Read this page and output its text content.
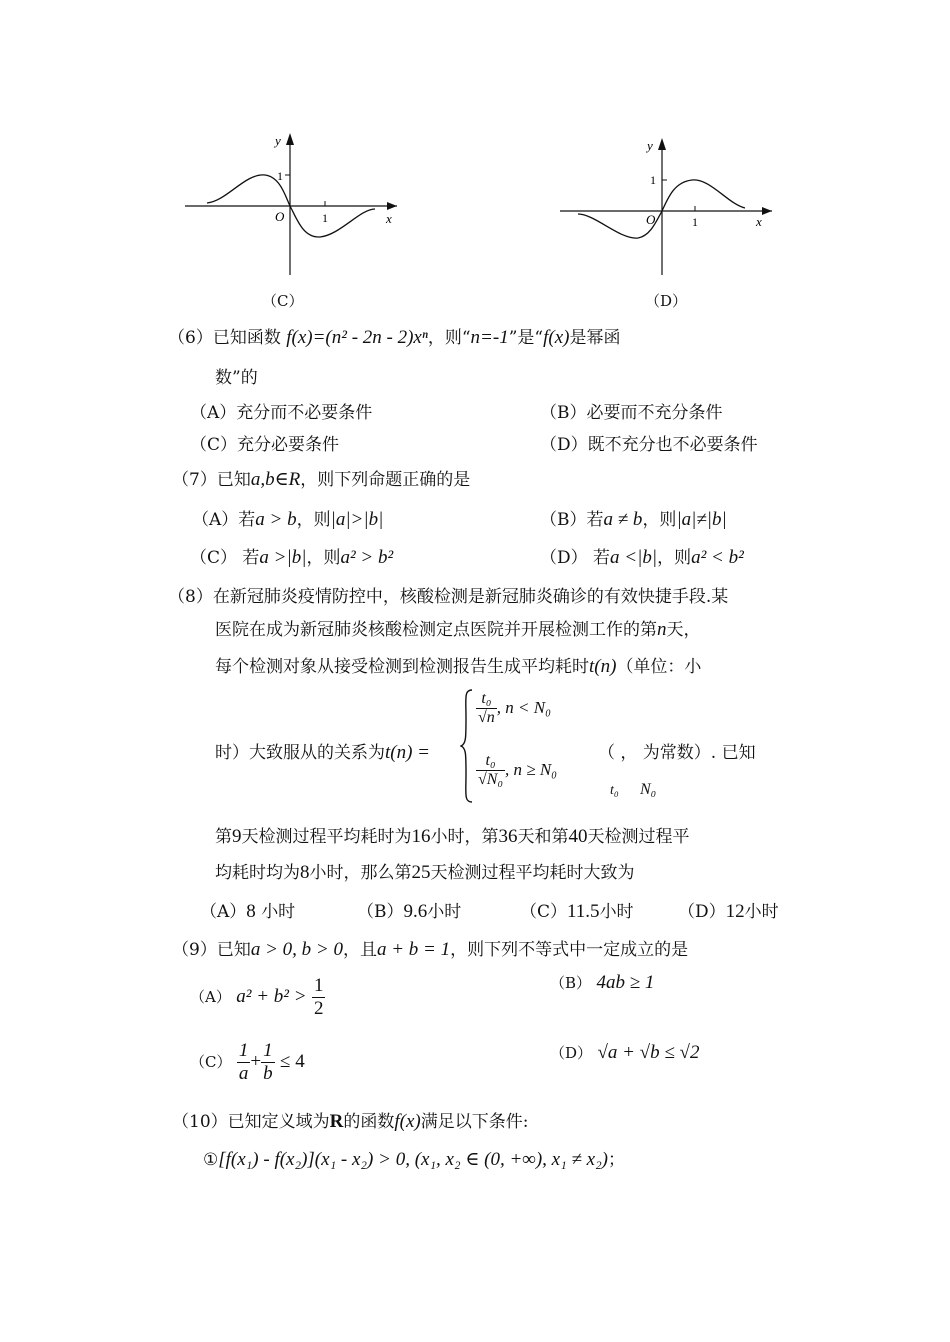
y
1
O	1	x
（C）
y
1
O	1	x
（D）
（6）已知函数 f(x)=(n² - 2n - 2)xⁿ，则“n=-1”是“f(x)是幂函
数”的
（A）充分而不必要条件	（B）必要而不充分条件
（C）充分必要条件	（D）既不充分也不必要条件
（7）已知a,b∈R，则下列命题正确的是
（A）若a > b，则|a|>|b|	（B）若a ≠ b，则|a|≠|b|
（C） 若a >|b|，则a² > b²	（D） 若a <|b|，则a² < b²
（8）在新冠肺炎疫情防控中，核酸检测是新冠肺炎确诊的有效快捷手段.某
医院在成为新冠肺炎核酸检测定点医院并开展检测工作的第n天，
每个检测对象从接受检测到检测报告生成平均耗时t(n)（单位：小
时）大致服从的关系为t(n) =
$\frac{\text{t₀}}{√n}$ , n < N₀
$\frac{\text{t₀}}{\text{√N₀}}$ , n ≥ N₀
（ ， 为常数）. 已知
t₀ N₀
第9天检测过程平均耗时为16小时，第36天和第40天检测过程平
均耗时均为8小时，那么第25天检测过程平均耗时大致为
（A）8 小时	（B）9.6小时	（C）11.5小时	（D）12小时
（9）已知a > 0, b > 0，且a + b = 1，则下列不等式中一定成立的是
（A） $a^2 + b^2 > \frac{1}{2}$	（B） 4ab ≥ 1
$(C) \frac{1}{a} + \frac{1}{b} \le 4$	（D） √a + √b ≤ √2
（10）已知定义域为R的函数f(x)满足以下条件:
①[f(x₁) - f(x₂)](x₁ - x₂) > 0, (x₁, x₂ ∈ (0, +∞), x₁ ≠ x₂)；
